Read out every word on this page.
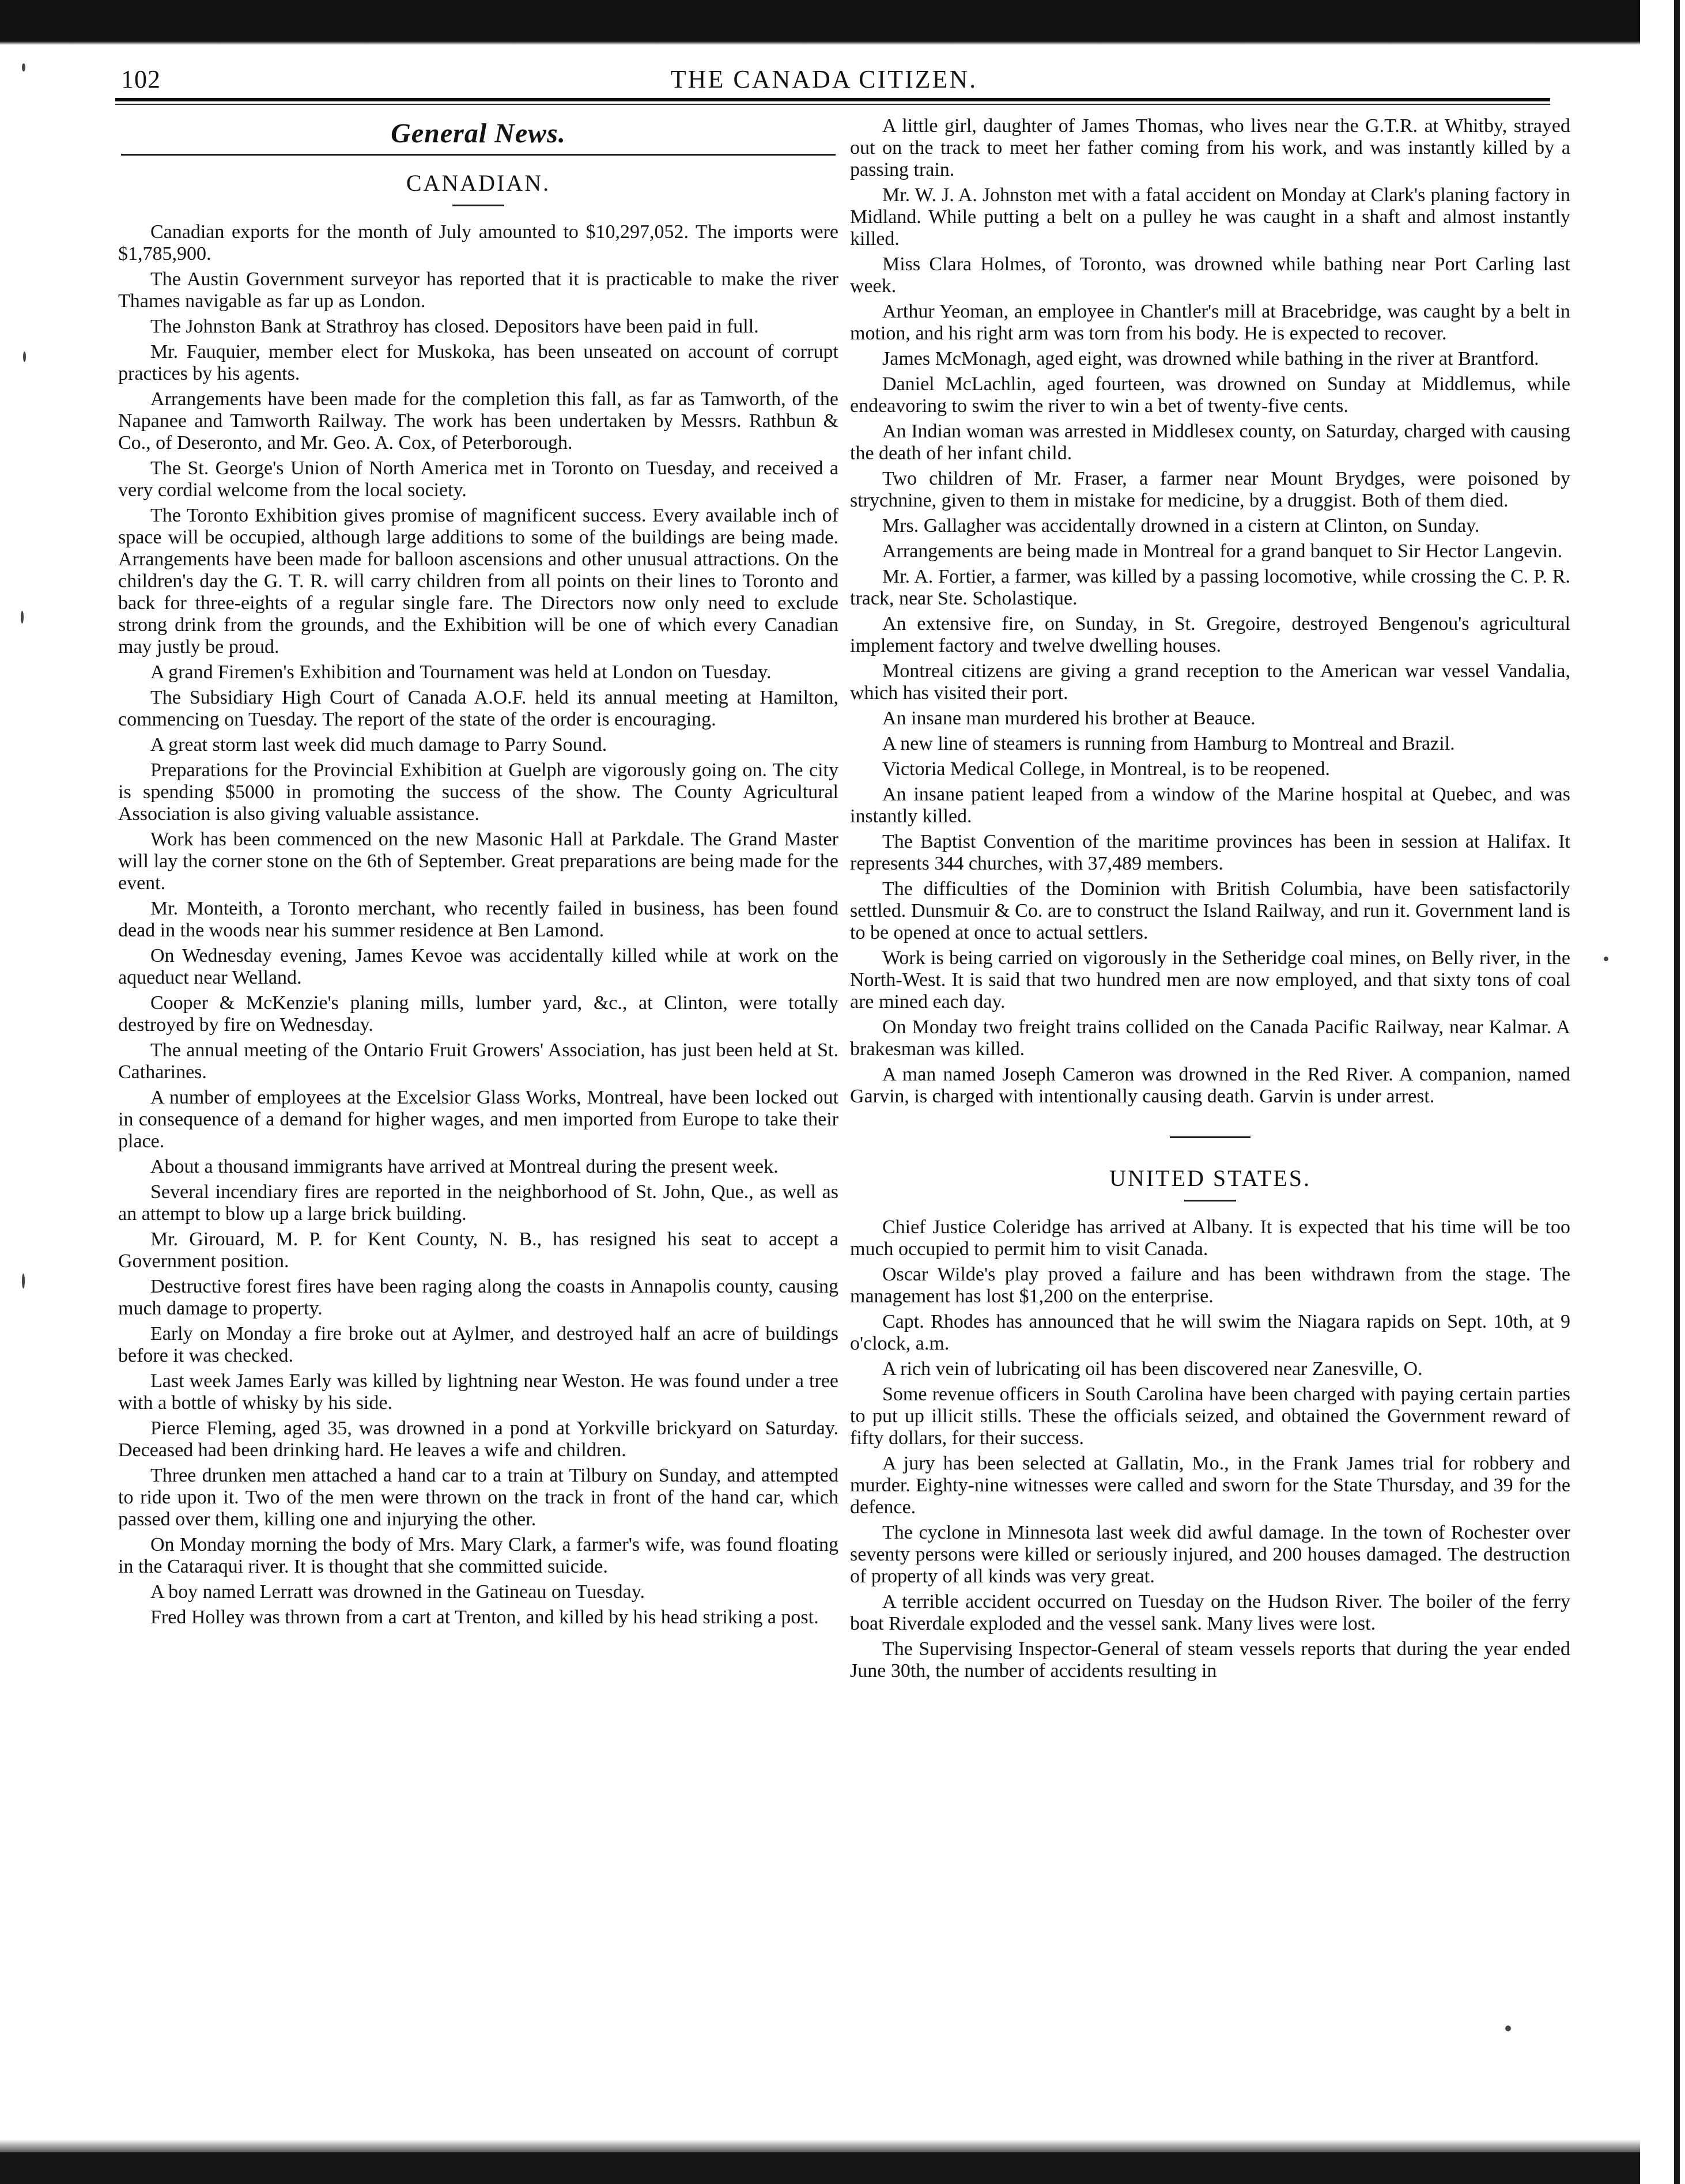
102	THE CANADA CITIZEN.
General News.
CANADIAN.

Canadian exports for the month of July amounted to $10,297,052. The imports were $1,785,900.

The Austin Government surveyor has reported that it is practicable to make the river Thames navigable as far up as London.

The Johnston Bank at Strathroy has closed. Depositors have been paid in full.

Mr. Fauquier, member elect for Muskoka, has been unseated on account of corrupt practices by his agents.

Arrangements have been made for the completion this fall, as far as Tamworth, of the Napanee and Tamworth Railway. The work has been undertaken by Messrs. Rathbun & Co., of Deseronto, and Mr. Geo. A. Cox, of Peterborough.

The St. George's Union of North America met in Toronto on Tuesday, and received a very cordial welcome from the local society.

The Toronto Exhibition gives promise of magnificent success. Every available inch of space will be occupied, although large additions to some of the buildings are being made. Arrangements have been made for balloon ascensions and other unusual attractions. On the children's day the G. T. R. will carry children from all points on their lines to Toronto and back for three-eights of a regular single fare. The Directors now only need to exclude strong drink from the grounds, and the Exhibition will be one of which every Canadian may justly be proud.

A grand Firemen's Exhibition and Tournament was held at London on Tuesday.

The Subsidiary High Court of Canada A.O.F. held its annual meeting at Hamilton, commencing on Tuesday. The report of the state of the order is encouraging.

A great storm last week did much damage to Parry Sound.

Preparations for the Provincial Exhibition at Guelph are vigorously going on. The city is spending $5000 in promoting the success of the show. The County Agricultural Association is also giving valuable assistance.

Work has been commenced on the new Masonic Hall at Parkdale. The Grand Master will lay the corner stone on the 6th of September. Great preparations are being made for the event.

Mr. Monteith, a Toronto merchant, who recently failed in business, has been found dead in the woods near his summer residence at Ben Lamond.

On Wednesday evening, James Kevoe was accidentally killed while at work on the aqueduct near Welland.

Cooper & McKenzie's planing mills, lumber yard, &c., at Clinton, were totally destroyed by fire on Wednesday.

The annual meeting of the Ontario Fruit Growers' Association, has just been held at St. Catharines.

A number of employees at the Excelsior Glass Works, Montreal, have been locked out in consequence of a demand for higher wages, and men imported from Europe to take their place.

About a thousand immigrants have arrived at Montreal during the present week.

Several incendiary fires are reported in the neighborhood of St. John, Que., as well as an attempt to blow up a large brick building.

Mr. Girouard, M. P. for Kent County, N. B., has resigned his seat to accept a Government position.

Destructive forest fires have been raging along the coasts in Annapolis county, causing much damage to property.

Early on Monday a fire broke out at Aylmer, and destroyed half an acre of buildings before it was checked.

Last week James Early was killed by lightning near Weston. He was found under a tree with a bottle of whisky by his side.

Pierce Fleming, aged 35, was drowned in a pond at Yorkville brickyard on Saturday. Deceased had been drinking hard. He leaves a wife and children.

Three drunken men attached a hand car to a train at Tilbury on Sunday, and attempted to ride upon it. Two of the men were thrown on the track in front of the hand car, which passed over them, killing one and injurying the other.

On Monday morning the body of Mrs. Mary Clark, a farmer's wife, was found floating in the Cataraqui river. It is thought that she committed suicide.

A boy named Lerratt was drowned in the Gatineau on Tuesday.

Fred Holley was thrown from a cart at Trenton, and killed by his head striking a post.

A little girl, daughter of James Thomas, who lives near the G.T.R. at Whitby, strayed out on the track to meet her father coming from his work, and was instantly killed by a passing train.

Mr. W. J. A. Johnston met with a fatal accident on Monday at Clark's planing factory in Midland. While putting a belt on a pulley he was caught in a shaft and almost instantly killed.

Miss Clara Holmes, of Toronto, was drowned while bathing near Port Carling last week.

Arthur Yeoman, an employee in Chantler's mill at Bracebridge, was caught by a belt in motion, and his right arm was torn from his body. He is expected to recover.

James McMonagh, aged eight, was drowned while bathing in the river at Brantford.

Daniel McLachlin, aged fourteen, was drowned on Sunday at Middlemus, while endeavoring to swim the river to win a bet of twenty-five cents.

An Indian woman was arrested in Middlesex county, on Saturday, charged with causing the death of her infant child.

Two children of Mr. Fraser, a farmer near Mount Brydges, were poisoned by strychnine, given to them in mistake for medicine, by a druggist. Both of them died.

Mrs. Gallagher was accidentally drowned in a cistern at Clinton, on Sunday.

Arrangements are being made in Montreal for a grand banquet to Sir Hector Langevin.

Mr. A. Fortier, a farmer, was killed by a passing locomotive, while crossing the C. P. R. track, near Ste. Scholastique.

An extensive fire, on Sunday, in St. Gregoire, destroyed Bengenou's agricultural implement factory and twelve dwelling houses.

Montreal citizens are giving a grand reception to the American war vessel Vandalia, which has visited their port.

An insane man murdered his brother at Beauce.

A new line of steamers is running from Hamburg to Montreal and Brazil.

Victoria Medical College, in Montreal, is to be reopened.

An insane patient leaped from a window of the Marine hospital at Quebec, and was instantly killed.

The Baptist Convention of the maritime provinces has been in session at Halifax. It represents 344 churches, with 37,489 members.

The difficulties of the Dominion with British Columbia, have been satisfactorily settled. Dunsmuir & Co. are to construct the Island Railway, and run it. Government land is to be opened at once to actual settlers.

Work is being carried on vigorously in the Setheridge coal mines, on Belly river, in the North-West. It is said that two hundred men are now employed, and that sixty tons of coal are mined each day.

On Monday two freight trains collided on the Canada Pacific Railway, near Kalmar. A brakesman was killed.

A man named Joseph Cameron was drowned in the Red River. A companion, named Garvin, is charged with intentionally causing death. Garvin is under arrest.

UNITED STATES.

Chief Justice Coleridge has arrived at Albany. It is expected that his time will be too much occupied to permit him to visit Canada.

Oscar Wilde's play proved a failure and has been withdrawn from the stage. The management has lost $1,200 on the enterprise.

Capt. Rhodes has announced that he will swim the Niagara rapids on Sept. 10th, at 9 o'clock, a.m.

A rich vein of lubricating oil has been discovered near Zanesville, O.

Some revenue officers in South Carolina have been charged with paying certain parties to put up illicit stills. These the officials seized, and obtained the Government reward of fifty dollars, for their success.

A jury has been selected at Gallatin, Mo., in the Frank James trial for robbery and murder. Eighty-nine witnesses were called and sworn for the State Thursday, and 39 for the defence.

The cyclone in Minnesota last week did awful damage. In the town of Rochester over seventy persons were killed or seriously injured, and 200 houses damaged. The destruction of property of all kinds was very great.

A terrible accident occurred on Tuesday on the Hudson River. The boiler of the ferry boat Riverdale exploded and the vessel sank. Many lives were lost.

The Supervising Inspector-General of steam vessels reports that during the year ended June 30th, the number of accidents resulting in
